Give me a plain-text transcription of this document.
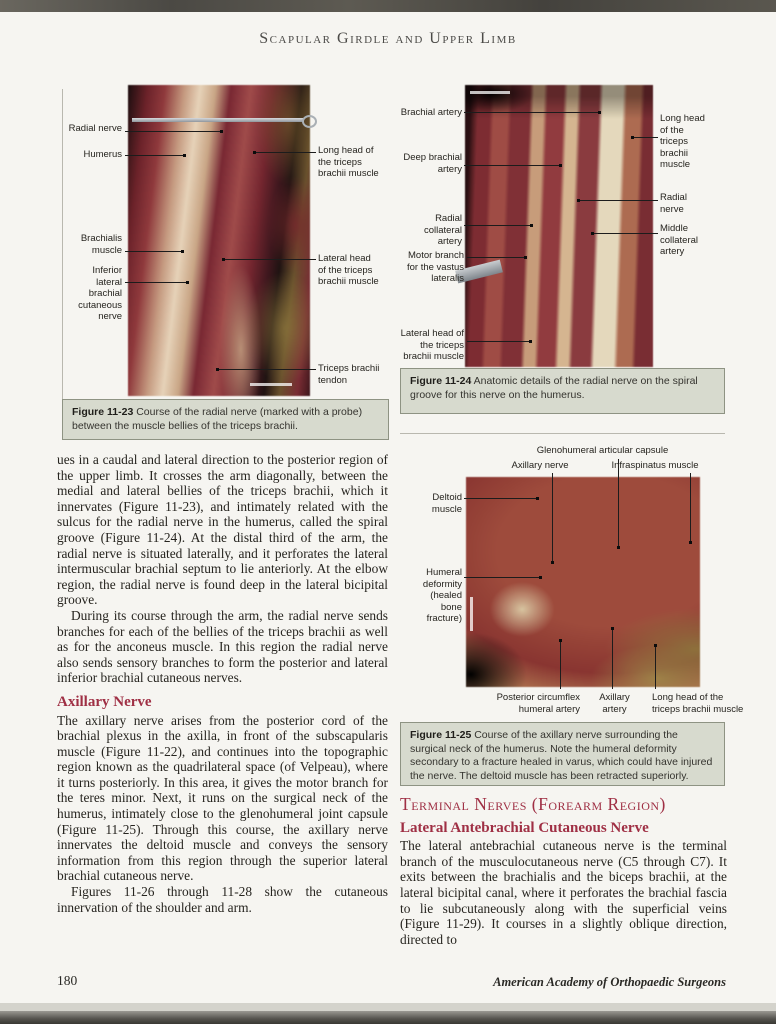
Scapular Girdle and Upper Limb
Radial nerve
Humerus
Brachialis muscle
Inferior lateral brachial cutaneous nerve
Long head of the triceps brachii muscle
Lateral head of the triceps brachii muscle
Triceps brachii tendon
Figure 11-23 Course of the radial nerve (marked with a probe) between the muscle bellies of the triceps brachii.
Brachial artery
Deep brachial artery
Radial collateral artery
Motor branch for the vastus lateralis
Lateral head of the triceps brachii muscle
Long head of the triceps brachii muscle
Radial nerve
Middle collateral artery
Figure 11-24 Anatomic details of the radial nerve on the spiral groove for this nerve on the humerus.
Glenohumeral articular capsule
Axillary nerve	Infraspinatus muscle
Deltoid muscle
Humeral deformity (healed bone fracture)
Posterior circumflex humeral artery
Axillary artery
Long head of the triceps brachii muscle
Figure 11-25 Course of the axillary nerve surrounding the surgical neck of the humerus. Note the humeral deformity secondary to a fracture healed in varus, which could have injured the nerve. The deltoid muscle has been retracted superiorly.

ues in a caudal and lateral direction to the posterior region of the upper limb. It crosses the arm diagonally, between the medial and lateral bellies of the triceps brachii, which it innervates (Figure 11-23), and intimately related with the sulcus for the radial nerve in the humerus, called the spiral groove (Figure 11-24). At the distal third of the arm, the radial nerve is situated laterally, and it perforates the lateral intermuscular brachial septum to lie anteriorly. At the elbow region, the radial nerve is found deep in the lateral bicipital groove.

During its course through the arm, the radial nerve sends branches for each of the bellies of the triceps brachii as well as for the anconeus muscle. In this region the radial nerve also sends sensory branches to form the posterior and lateral inferior brachial cutaneous nerves.

Axillary Nerve

The axillary nerve arises from the posterior cord of the brachial plexus in the axilla, in front of the subscapularis muscle (Figure 11-22), and continues into the topographic region known as the quadrilateral space (of Velpeau), where it turns posteriorly. In this area, it gives the motor branch for the teres minor. Next, it runs on the surgical neck of the humerus, intimately close to the glenohumeral joint capsule (Figure 11-25). Through this course, the axillary nerve innervates the deltoid muscle and conveys the sensory information from this region through the superior lateral brachial cutaneous nerve.

Figures 11-26 through 11-28 show the cutaneous innervation of the shoulder and arm.

Terminal Nerves (Forearm Region)

Lateral Antebrachial Cutaneous Nerve

The lateral antebrachial cutaneous nerve is the terminal branch of the musculocutaneous nerve (C5 through C7). It exits between the brachialis and the biceps brachii, at the lateral bicipital canal, where it perforates the brachial fascia to lie subcutaneously along with the superficial veins (Figure 11-29). It courses in a slightly oblique direction, directed to

180	American Academy of Orthopaedic Surgeons
